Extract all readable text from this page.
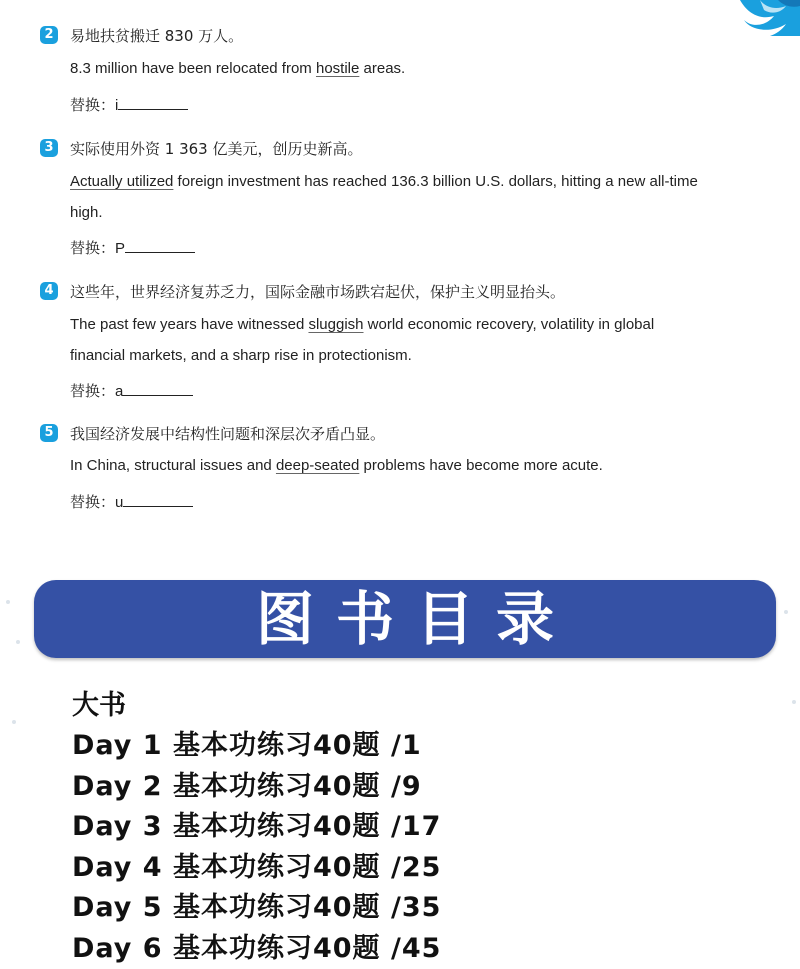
2 易地扶贫搬迁 830 万人。
8.3 million have been relocated from hostile areas.
替换：i
3 实际使用外资 1 363 亿美元，创历史新高。
Actually utilized foreign investment has reached 136.3 billion U.S. dollars, hitting a new all-time high.
替换：P
4 这些年，世界经济复苏乏力，国际金融市场跌宕起伏，保护主义明显抬头。
The past few years have witnessed sluggish world economic recovery, volatility in global financial markets, and a sharp rise in protectionism.
替换：a
5 我国经济发展中结构性问题和深层次矛盾凸显。
In China, structural issues and deep-seated problems have become more acute.
替换：u
图书目录
大书
Day 1 基本功练习40题 /1
Day 2 基本功练习40题 /9
Day 3 基本功练习40题 /17
Day 4 基本功练习40题 /25
Day 5 基本功练习40题 /35
Day 6 基本功练习40题 /45
